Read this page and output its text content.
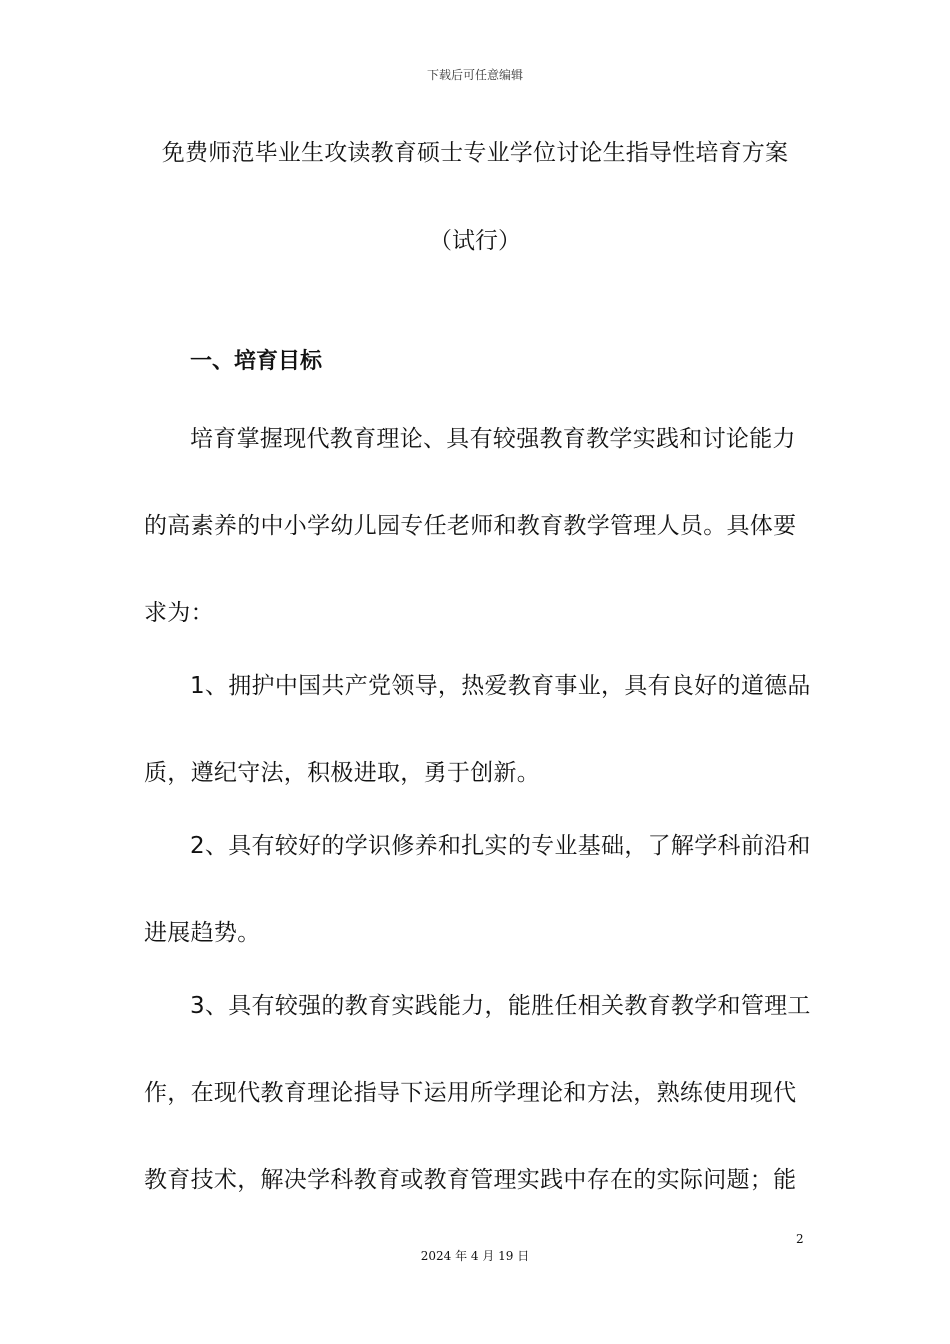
下载后可任意编辑
免费师范毕业生攻读教育硕士专业学位讨论生指导性培育方案
（试行）
一、培育目标
培育掌握现代教育理论、具有较强教育教学实践和讨论能力
的高素养的中小学幼儿园专任老师和教育教学管理人员。具体要
求为：
1、拥护中国共产党领导，热爱教育事业，具有良好的道德品
质，遵纪守法，积极进取，勇于创新。
2、具有较好的学识修养和扎实的专业基础，了解学科前沿和
进展趋势。
3、具有较强的教育实践能力，能胜任相关教育教学和管理工
作，在现代教育理论指导下运用所学理论和方法，熟练使用现代
教育技术，解决学科教育或教育管理实践中存在的实际问题；能
2
2024 年 4 月 19 日
